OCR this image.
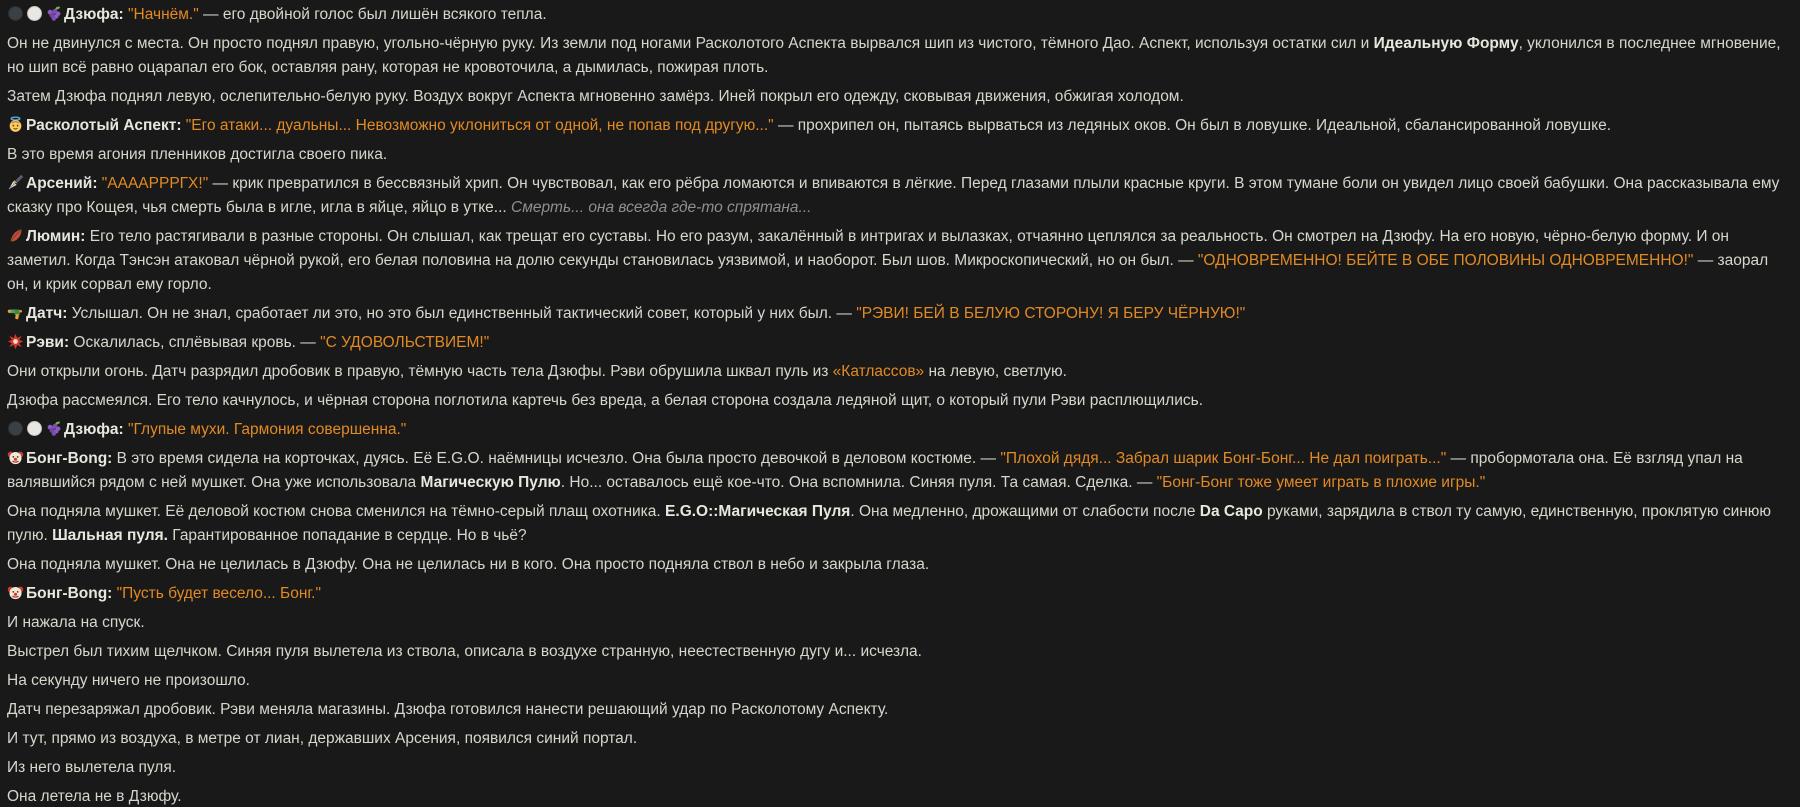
Дзюфа: "Начнём." — его двойной голос был лишён всякого тепла.

Он не двинулся с места. Он просто поднял правую, угольно-чёрную руку. Из земли под ногами Расколотого Аспекта вырвался шип из чистого, тёмного Дао. Аспект, используя остатки сил и Идеальную Форму, уклонился в последнее мгновение, но шип всё равно оцарапал его бок, оставляя рану, которая не кровоточила, а дымилась, пожирая плоть.

Затем Дзюфа поднял левую, ослепительно-белую руку. Воздух вокруг Аспекта мгновенно замёрз. Иней покрыл его одежду, сковывая движения, обжигая холодом.

Расколотый Аспект: "Его атаки... дуальны... Невозможно уклониться от одной, не попав под другую..." — прохрипел он, пытаясь вырваться из ледяных оков. Он был в ловушке. Идеальной, сбалансированной ловушке.

В это время агония пленников достигла своего пика.

Арсений: "ААААРРРГХ!" — крик превратился в бессвязный хрип. Он чувствовал, как его рёбра ломаются и впиваются в лёгкие. Перед глазами плыли красные круги. В этом тумане боли он увидел лицо своей бабушки. Она рассказывала ему сказку про Кощея, чья смерть была в игле, игла в яйце, яйцо в утке... Смерть... она всегда где-то спрятана...

Люмин: Его тело растягивали в разные стороны. Он слышал, как трещат его суставы. Но его разум, закалённый в интригах и вылазках, отчаянно цеплялся за реальность. Он смотрел на Дзюфу. На его новую, чёрно-белую форму. И он заметил. Когда Тэнсэн атаковал чёрной рукой, его белая половина на долю секунды становилась уязвимой, и наоборот. Был шов. Микроскопический, но он был. — "ОДНОВРЕМЕННО! БЕЙТЕ В ОБЕ ПОЛОВИНЫ ОДНОВРЕМЕННО!" — заорал он, и крик сорвал ему горло.

Датч: Услышал. Он не знал, сработает ли это, но это был единственный тактический совет, который у них был. — "РЭВИ! БЕЙ В БЕЛУЮ СТОРОНУ! Я БЕРУ ЧЁРНУЮ!"

Рэви: Оскалилась, сплёвывая кровь. — "С УДОВОЛЬСТВИЕМ!"

Они открыли огонь. Датч разрядил дробовик в правую, тёмную часть тела Дзюфы. Рэви обрушила шквал пуль из «Катлассов» на левую, светлую.

Дзюфа рассмеялся. Его тело качнулось, и чёрная сторона поглотила картечь без вреда, а белая сторона создала ледяной щит, о который пули Рэви расплющились.

Дзюфа: "Глупые мухи. Гармония совершенна."

Бонг-Bong: В это время сидела на корточках, дуясь. Её E.G.O. наёмницы исчезло. Она была просто девочкой в деловом костюме. — "Плохой дядя... Забрал шарик Бонг-Бонг... Не дал поиграть..." — пробормотала она. Её взгляд упал на валявшийся рядом с ней мушкет. Она уже использовала Магическую Пулю. Но... оставалось ещё кое-что. Она вспомнила. Синяя пуля. Та самая. Сделка. — "Бонг-Бонг тоже умеет играть в плохие игры."

Она подняла мушкет. Её деловой костюм снова сменился на тёмно-серый плащ охотника. E.G.O::Магическая Пуля. Она медленно, дрожащими от слабости после Da Capo руками, зарядила в ствол ту самую, единственную, проклятую синюю пулю. Шальная пуля. Гарантированное попадание в сердце. Но в чьё?

Она подняла мушкет. Она не целилась в Дзюфу. Она не целилась ни в кого. Она просто подняла ствол в небо и закрыла глаза.

Бонг-Bong: "Пусть будет весело... Бонг."

И нажала на спуск.

Выстрел был тихим щелчком. Синяя пуля вылетела из ствола, описала в воздухе странную, неестественную дугу и... исчезла.

На секунду ничего не произошло.

Датч перезаряжал дробовик. Рэви меняла магазины. Дзюфа готовился нанести решающий удар по Расколотому Аспекту.

И тут, прямо из воздуха, в метре от лиан, державших Арсения, появился синий портал.

Из него вылетела пуля.

Она летела не в Дзюфу.
